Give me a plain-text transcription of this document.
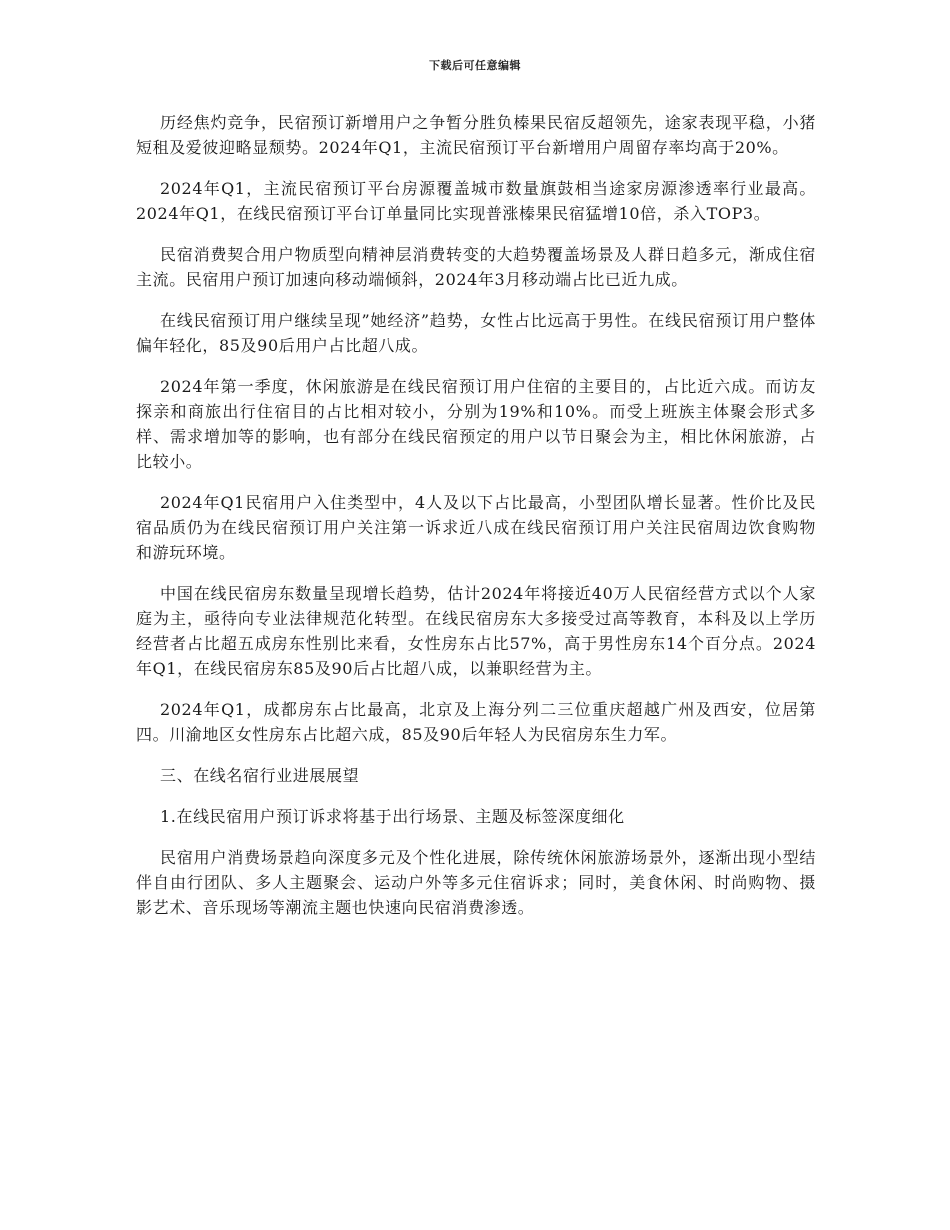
下载后可任意编辑

历经焦灼竞争，民宿预订新增用户之争暂分胜负榛果民宿反超领先，途家表现平稳，小猪短租及爱彼迎略显颓势。2024年Q1，主流民宿预订平台新增用户周留存率均高于20%。

2024年Q1，主流民宿预订平台房源覆盖城市数量旗鼓相当途家房源渗透率行业最高。2024年Q1，在线民宿预订平台订单量同比实现普涨榛果民宿猛增10倍，杀入TOP3。

民宿消费契合用户物质型向精神层消费转变的大趋势覆盖场景及人群日趋多元，渐成住宿主流。民宿用户预订加速向移动端倾斜，2024年3月移动端占比已近九成。

在线民宿预订用户继续呈现”她经济”趋势，女性占比远高于男性。在线民宿预订用户整体偏年轻化，85及90后用户占比超八成。

2024年第一季度，休闲旅游是在线民宿预订用户住宿的主要目的，占比近六成。而访友探亲和商旅出行住宿目的占比相对较小，分别为19%和10%。而受上班族主体聚会形式多样、需求增加等的影响，也有部分在线民宿预定的用户以节日聚会为主，相比休闲旅游，占比较小。

2024年Q1民宿用户入住类型中，4人及以下占比最高，小型团队增长显著。性价比及民宿品质仍为在线民宿预订用户关注第一诉求近八成在线民宿预订用户关注民宿周边饮食购物和游玩环境。

中国在线民宿房东数量呈现增长趋势，估计2024年将接近40万人民宿经营方式以个人家庭为主，亟待向专业法律规范化转型。在线民宿房东大多接受过高等教育，本科及以上学历经营者占比超五成房东性别比来看，女性房东占比57%，高于男性房东14个百分点。2024年Q1，在线民宿房东85及90后占比超八成，以兼职经营为主。

2024年Q1，成都房东占比最高，北京及上海分列二三位重庆超越广州及西安，位居第四。川渝地区女性房东占比超六成，85及90后年轻人为民宿房东生力军。

三、在线名宿行业进展展望

1.在线民宿用户预订诉求将基于出行场景、主题及标签深度细化

民宿用户消费场景趋向深度多元及个性化进展，除传统休闲旅游场景外，逐渐出现小型结伴自由行团队、多人主题聚会、运动户外等多元住宿诉求；同时，美食休闲、时尚购物、摄影艺术、音乐现场等潮流主题也快速向民宿消费渗透。
